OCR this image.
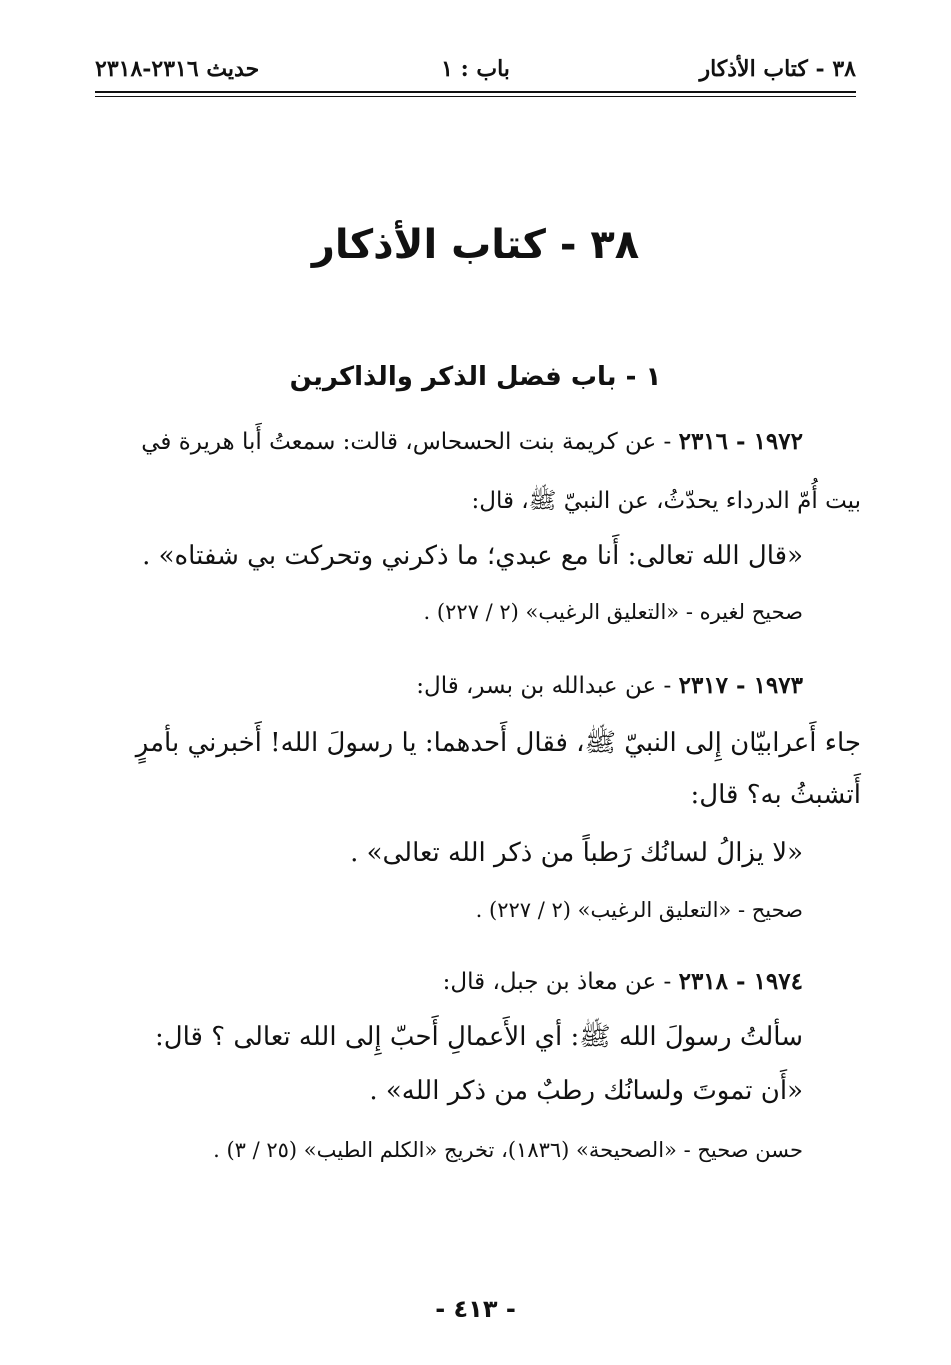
٣٨ - كتاب الأذكار
باب : ١
حديث ٢٣١٦-٢٣١٨
٣٨ - كتاب الأذكار
١ - باب فضل الذكر والذاكرين
١٩٧٢ - ٢٣١٦ - عن كريمة بنت الحسحاس، قالت: سمعتُ أَبا هريرة في
بيت أُمّ الدرداء يحدّثُ، عن النبيّ ﷺ، قال:
«قال الله تعالى: أَنا مع عبدي؛ ما ذكرني وتحركت بي شفتاه» .
صحيح لغيره - «التعليق الرغيب» (٢ / ٢٢٧) .
١٩٧٣ - ٢٣١٧ - عن عبدالله بن بسر، قال:
جاء أَعرابيّان إِلى النبيّ ﷺ، فقال أَحدهما: يا رسولَ الله! أَخبرني بأمرٍ
أَتشبثُ به؟ قال:
«لا يزالُ لسانُك رَطباً من ذكر الله تعالى» .
صحيح - «التعليق الرغيب» (٢ / ٢٢٧) .
١٩٧٤ - ٢٣١٨ - عن معاذ بن جبل، قال:
سألتُ رسولَ الله ﷺ: أي الأَعمالِ أَحبّ إِلى الله تعالى ؟ قال:
«أَن تموتَ ولسانُك رطبٌ من ذكر الله» .
حسن صحيح - «الصحيحة» (١٨٣٦)، تخريج «الكلم الطيب» (٢٥ / ٣) .
- ٤١٣ -
